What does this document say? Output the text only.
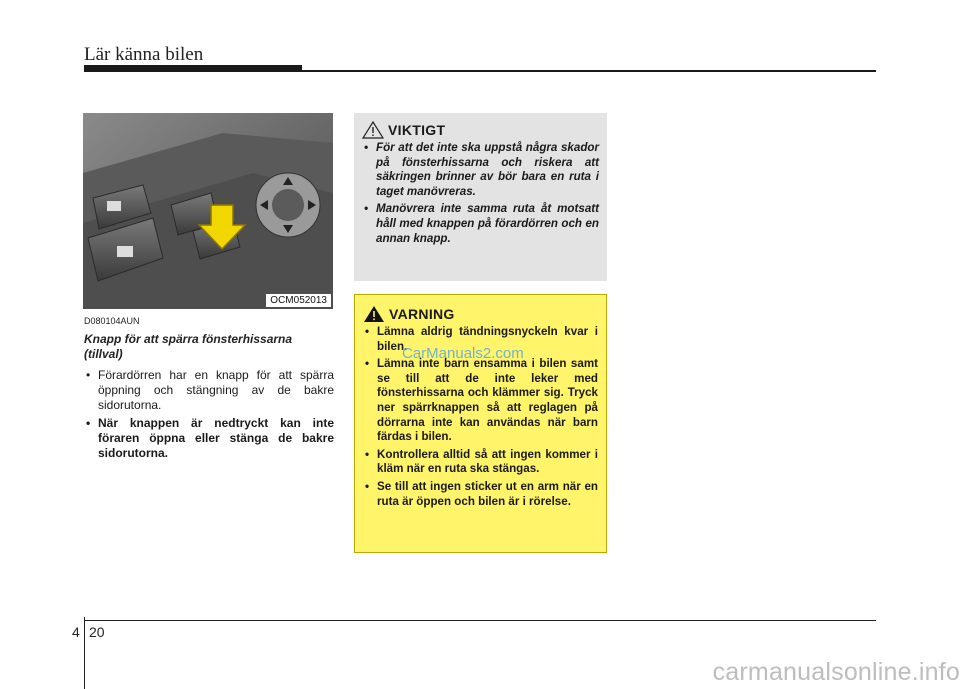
Lär känna bilen
OCM052013

D080104AUN

Knapp för att spärra fönsterhissarna (tillval)

• Förardörren har en knapp för att spärra öppning och stängning av de bakre sidorutorna.
• När knappen är nedtryckt kan inte föraren öppna eller stänga de bakre sidorutorna.
VIKTIGT
• För att det inte ska uppstå några skador på fönsterhissarna och riskera att säkringen brinner av bör bara en ruta i taget manövreras.
• Manövrera inte samma ruta åt motsatt håll med knappen på förardörren och en annan knapp.
VARNING
• Lämna aldrig tändningsnyckeln kvar i bilen.
• Lämna inte barn ensamma i bilen samt se till att de inte leker med fönsterhissarna och klämmer sig. Tryck ner spärrknappen så att reglagen på dörrarna inte kan användas när barn färdas i bilen.
• Kontrollera alltid så att ingen kommer i kläm när en ruta ska stängas.
• Se till att ingen sticker ut en arm när en ruta är öppen och bilen är i rörelse.
CarManuals2.com
4 20
carmanualsonline.info
